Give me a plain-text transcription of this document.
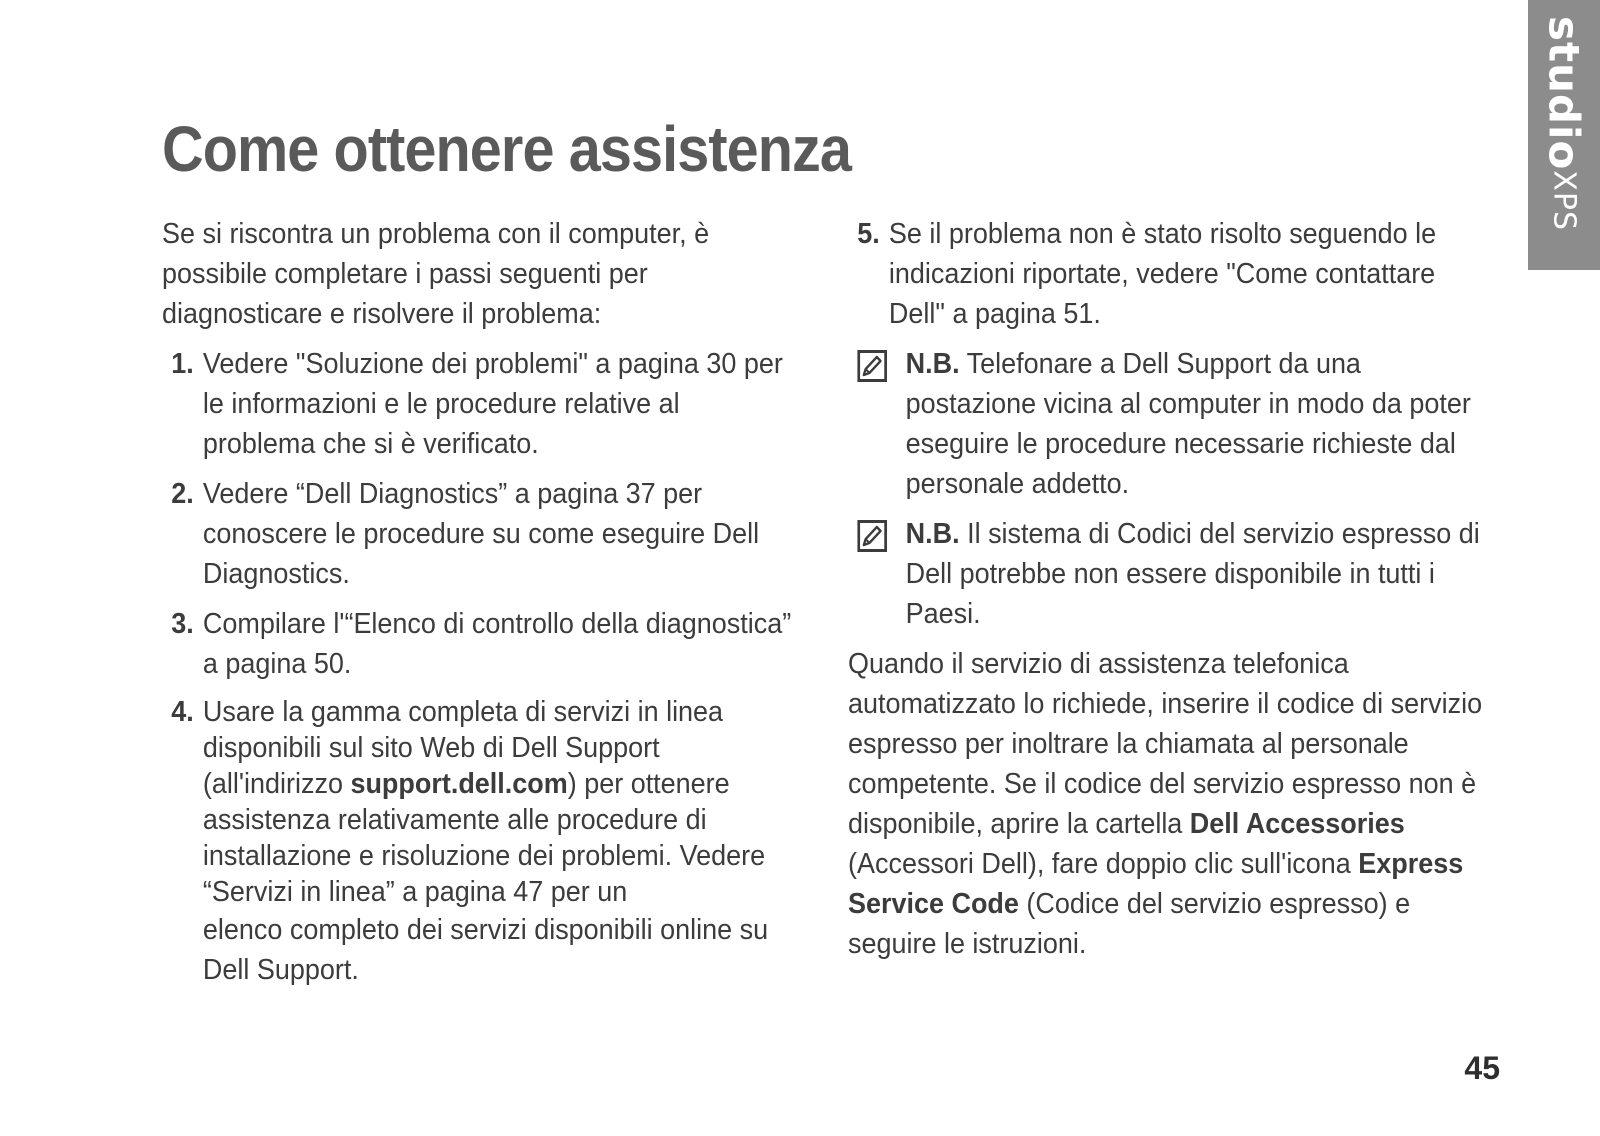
Come ottenere assistenza

Se si riscontra un problema con il computer, è possibile completare i passi seguenti per diagnosticare e risolvere il problema:

1. Vedere "Soluzione dei problemi" a pagina 30 per le informazioni e le procedure relative al problema che si è verificato.
2. Vedere “Dell Diagnostics” a pagina 37 per conoscere le procedure su come eseguire Dell Diagnostics.
3. Compilare l'“Elenco di controllo della diagnostica” a pagina 50.
4. Usare la gamma completa di servizi in linea disponibili sul sito Web di Dell Support (all'indirizzo support.dell.com) per ottenere assistenza relativamente alle procedure di installazione e risoluzione dei problemi. Vedere “Servizi in linea” a pagina 47 per un
elenco completo dei servizi disponibili online su Dell Support.
5. Se il problema non è stato risolto seguendo le indicazioni riportate, vedere "Come contattare Dell" a pagina 51.
N.B. Telefonare a Dell Support da una postazione vicina al computer in modo da poter eseguire le procedure necessarie richieste dal personale addetto.
N.B. Il sistema di Codici del servizio espresso di Dell potrebbe non essere disponibile in tutti i Paesi.

Quando il servizio di assistenza telefonica automatizzato lo richiede, inserire il codice di servizio espresso per inoltrare la chiamata al personale competente. Se il codice del servizio espresso non è disponibile, aprire la cartella Dell Accessories (Accessori Dell), fare doppio clic sull'icona Express Service Code (Codice del servizio espresso) e seguire le istruzioni.

studioXPS
45
